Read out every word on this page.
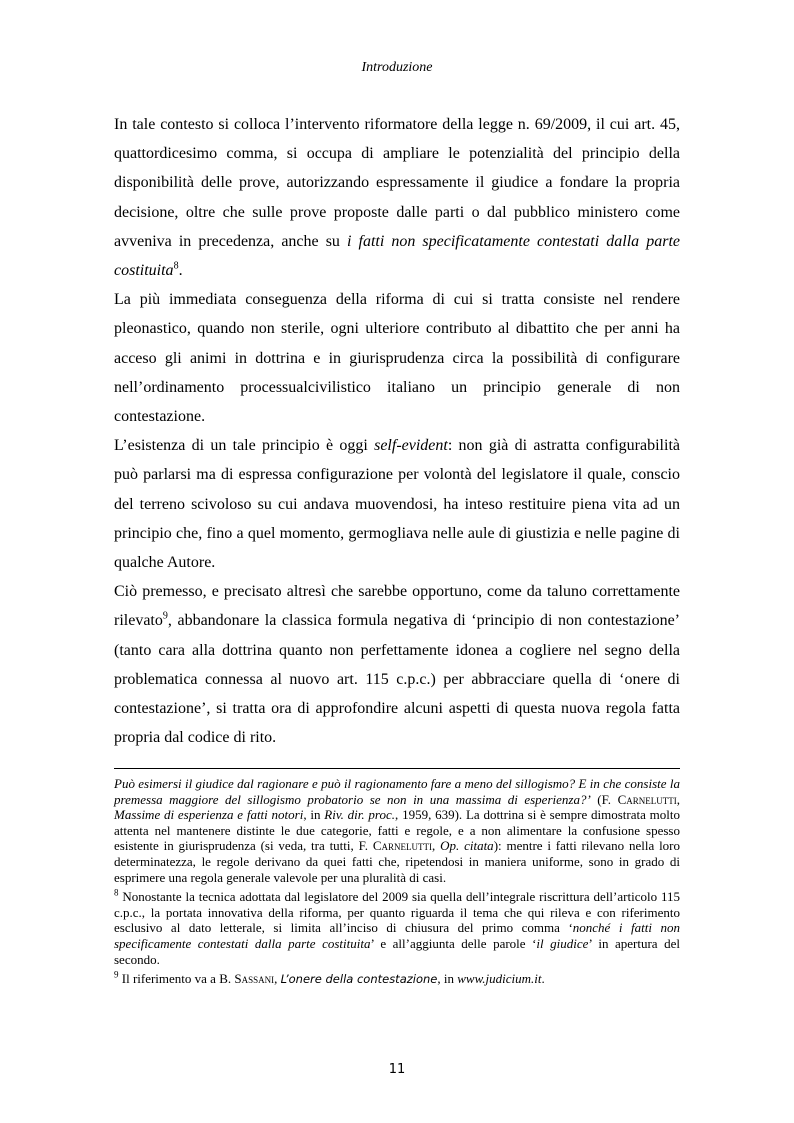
Introduzione

In tale contesto si colloca l’intervento riformatore della legge n. 69/2009, il cui art. 45, quattordicesimo comma, si occupa di ampliare le potenzialità del principio della disponibilità delle prove, autorizzando espressamente il giudice a fondare la propria decisione, oltre che sulle prove proposte dalle parti o dal pubblico ministero come avveniva in precedenza, anche su i fatti non specificatamente contestati dalla parte costituita$^8$.

La più immediata conseguenza della riforma di cui si tratta consiste nel rendere pleonastico, quando non sterile, ogni ulteriore contributo al dibattito che per anni ha acceso gli animi in dottrina e in giurisprudenza circa la possibilità di configurare nell’ordinamento processualcivilistico italiano un principio generale di non contestazione.

L’esistenza di un tale principio è oggi self-evident: non già di astratta configurabilità può parlarsi ma di espressa configurazione per volontà del legislatore il quale, conscio del terreno scivoloso su cui andava muovendosi, ha inteso restituire piena vita ad un principio che, fino a quel momento, germogliava nelle aule di giustizia e nelle pagine di qualche Autore.

Ciò premesso, e precisato altresì che sarebbe opportuno, come da taluno correttamente rilevato$^9$, abbandonare la classica formula negativa di ‘principio di non contestazione’ (tanto cara alla dottrina quanto non perfettamente idonea a cogliere nel segno della problematica connessa al nuovo art. 115 c.p.c.) per abbracciare quella di ‘onere di contestazione’, si tratta ora di approfondire alcuni aspetti di questa nuova regola fatta propria dal codice di rito.

Può esimersi il giudice dal ragionare e può il ragionamento fare a meno del sillogismo? E in che consiste la premessa maggiore del sillogismo probatorio se non in una massima di esperienza?’ (F. Carnelutti, Massime di esperienza e fatti notori, in Riv. dir. proc., 1959, 639). La dottrina si è sempre dimostrata molto attenta nel mantenere distinte le due categorie, fatti e regole, e a non alimentare la confusione spesso esistente in giurisprudenza (si veda, tra tutti, F. Carnelutti, Op. citata): mentre i fatti rilevano nella loro determinatezza, le regole derivano da quei fatti che, ripetendosi in maniera uniforme, sono in grado di esprimere una regola generale valevole per una pluralità di casi.

$^8$ Nonostante la tecnica adottata dal legislatore del 2009 sia quella dell’integrale riscrittura dell’articolo 115 c.p.c., la portata innovativa della riforma, per quanto riguarda il tema che qui rileva e con riferimento esclusivo al dato letterale, si limita all’inciso di chiusura del primo comma ‘nonché i fatti non specificamente contestati dalla parte costituita’ e all’aggiunta delle parole ‘il giudice’ in apertura del secondo.

$^9$ Il riferimento va a B. Sassani, L’onere della contestazione, in www.judicium.it.

11
